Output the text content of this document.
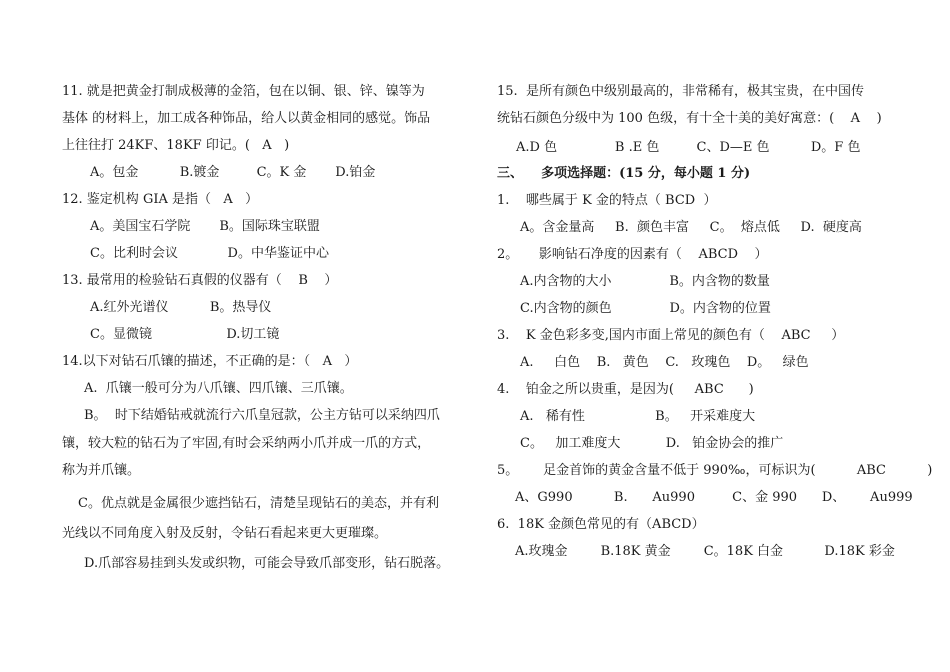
11. 就是把黄金打制成极薄的金箔，包在以铜、银、锌、镍等为
基体 的材料上，加工成各种饰品，给人以黄金相同的感觉。饰品
上往往打 24KF、18KF 印记。(   A   )
A。包金          B.镀金         C。K 金       D.铂金
12. 鉴定机构 GIA 是指（   A   ）
A。美国宝石学院       B。国际珠宝联盟
C。比利时会议            D。中华鉴证中心
13. 最常用的检验钻石真假的仪器有（    B    ）
A.红外光谱仪          B。热导仪
C。显微镜                  D.切工镜
14.以下对钻石爪镶的描述，不正确的是：（   A   ）
A.  爪镶一般可分为八爪镶、四爪镶、三爪镶。
B。  时下结婚钻戒就流行六爪皇冠款，公主方钻可以采纳四爪
镶，较大粒的钻石为了牢固,有时会采纳两小爪并成一爪的方式，
称为并爪镶。
C。优点就是金属很少遮挡钻石，清楚呈现钻石的美态，并有利
光线以不同角度入射及反射，令钻石看起来更大更璀璨。
D.爪部容易挂到头发或织物，可能会导致爪部变形，钻石脱落。
15.  是所有颜色中级别最高的，非常稀有，极其宝贵，在中国传
统钻石颜色分级中为 100 色级，有十全十美的美好寓意：(    A    )
A.D 色              B .E 色         C、D—E 色          D。F 色
三、    多项选择题：(15 分，每小题 1 分)
1.    哪些属于 K 金的特点（ BCD  ）
A。含金量高     B.  颜色丰富     C。  熔点低     D.  硬度高
2。     影响钻石净度的因素有（    ABCD    ）
A.内含物的大小              B。内含物的数量
C.内含物的颜色              D。内含物的位置
3.    K 金色彩多变,国内市面上常见的颜色有（    ABC     ）
A.     白色    B.   黄色    C.   玫瑰色    D。   绿色
4.    铂金之所以贵重，是因为(     ABC      )
A.   稀有性                 B。   开采难度大
C。   加工难度大           D.   铂金协会的推广
5。      足金首饰的黄金含量不低于 990‰，可标识为(          ABC          )
A、G990          B.      Au990         C、金 990      D、      Au999
6.  18K 金颜色常见的有（ABCD）
A.玫瑰金        B.18K 黄金        C。18K 白金          D.18K 彩金
